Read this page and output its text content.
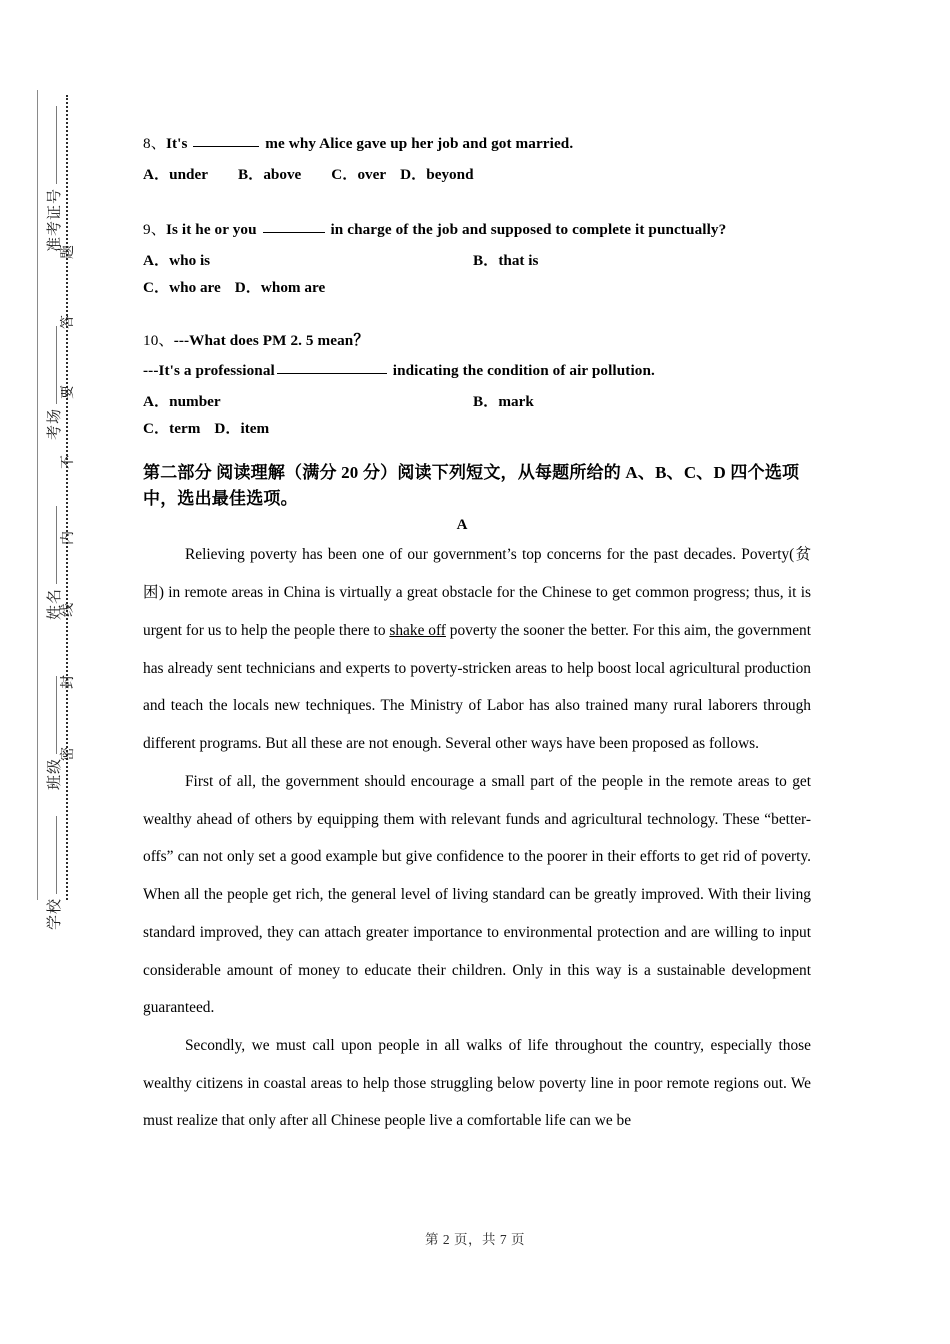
准考证号
考场
姓名
班级
学校
题
答
要
不
内
线
封
密

8、It's	me why Alice gave up her job and got married.

A．under B．above C．over D．beyond

9、Is it he or you	in charge of the job and supposed to complete it punctually?

A．who is	B．that is
C．who are D．whom are

10、---What does PM 2. 5 mean？

---It's a professional	indicating the condition of air pollution.

A．number	B．mark
C．term D．item

第二部分 阅读理解（满分 20 分）阅读下列短文，从每题所给的 A、B、C、D 四个选项中，选出最佳选项。

A

Relieving poverty has been one of our government’s top concerns for the past decades. Poverty(贫困) in remote areas in China is virtually a great obstacle for the Chinese to get common progress; thus, it is urgent for us to help the people there to shake off poverty the sooner the better. For this aim, the government has already sent technicians and experts to poverty-stricken areas to help boost local agricultural production and teach the locals new techniques. The Ministry of Labor has also trained many rural laborers through different programs. But all these are not enough. Several other ways have been proposed as follows.

First of all, the government should encourage a small part of the people in the remote areas to get wealthy ahead of others by equipping them with relevant funds and agricultural technology. These “better-offs” can not only set a good example but give confidence to the poorer in their efforts to get rid of poverty. When all the people get rich, the general level of living standard can be greatly improved. With their living standard improved, they can attach greater importance to environmental protection and are willing to input considerable amount of money to educate their children. Only in this way is a sustainable development guaranteed.

Secondly, we must call upon people in all walks of life throughout the country, especially those wealthy citizens in coastal areas to help those struggling below poverty line in poor remote regions out. We must realize that only after all Chinese people live a comfortable life can we be

第 2 页，共 7 页
